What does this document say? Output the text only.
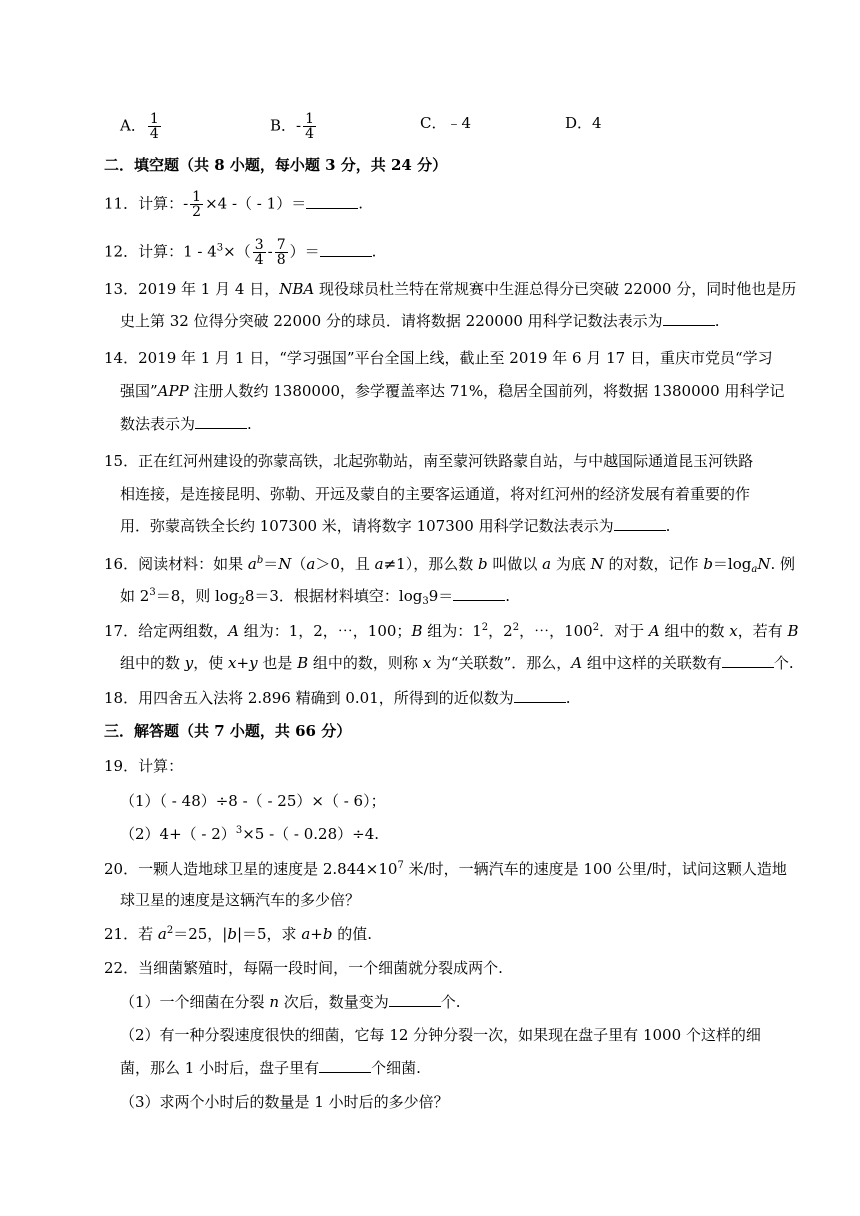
A． $\frac{1}{4}$	B．- $\frac{1}{4}$	C．﹣4	D．4
二．填空题（共 8 小题，每小题 3 分，共 24 分）
11．计算：- $\frac{1}{2} \times 4$ -（ - 1）＝	.
12．计算：$1 - 4^3\times( \frac{3}{4} - \frac{7}{8}$ ）＝	.
13．2019 年 1 月 4 日，NBA 现役球员杜兰特在常规赛中生涯总得分已突破 22000 分，同时他也是历
史上第 32 位得分突破 22000 分的球员．请将数据 220000 用科学记数法表示为	.
14．2019 年 1 月 1 日，“学习强国”平台全国上线，截止至 2019 年 6 月 17 日，重庆市党员“学习
强国”APP 注册人数约 1380000，参学覆盖率达 71%，稳居全国前列，将数据 1380000 用科学记
数法表示为	.
15．正在红河州建设的弥蒙高铁，北起弥勒站，南至蒙河铁路蒙自站，与中越国际通道昆玉河铁路
相连接，是连接昆明、弥勒、开远及蒙自的主要客运通道，将对红河州的经济发展有着重要的作
用．弥蒙高铁全长约 107300 米，请将数字 107300 用科学记数法表示为	.
16．阅读材料：如果 $a^b=N(a>0$，且 a≠1），那么数 b 叫做以 a 为底 N 的对数，记作 $b=\log_aN$. 例
如 $2^3=8$，则 $\log_28=3$．根据材料填空：$\log_39=$	.
17．给定两组数，A 组为：1，2，⋯，100；B 组为：$1^2$，$2^2$，⋯，$100^2$．对于 A 组中的数 x，若有 B
组中的数 y，使 x+y 也是 B 组中的数，则称 x 为“关联数”．那么，A 组中这样的关联数有	个.
18．用四舍五入法将 2.896 精确到 0.01，所得到的近似数为	.
三．解答题（共 7 小题，共 66 分）
19．计算：
（1）（ - 48）÷8 -（ - 25）×（ - 6）；
（2）4+（ - 2）$^3$×5 -（ - 0.28）÷4.
20．一颗人造地球卫星的速度是 $2.844\times 10^7$ 米/时，一辆汽车的速度是 100 公里/时，试问这颗人造地
球卫星的速度是这辆汽车的多少倍？
21．若 $a^2=25$，|b|＝5，求 a+b 的值.
22．当细菌繁殖时，每隔一段时间，一个细菌就分裂成两个.
（1）一个细菌在分裂 n 次后，数量变为	个.
（2）有一种分裂速度很快的细菌，它每 12 分钟分裂一次，如果现在盘子里有 1000 个这样的细
菌，那么 1 小时后，盘子里有	个细菌.
（3）求两个小时后的数量是 1 小时后的多少倍？
